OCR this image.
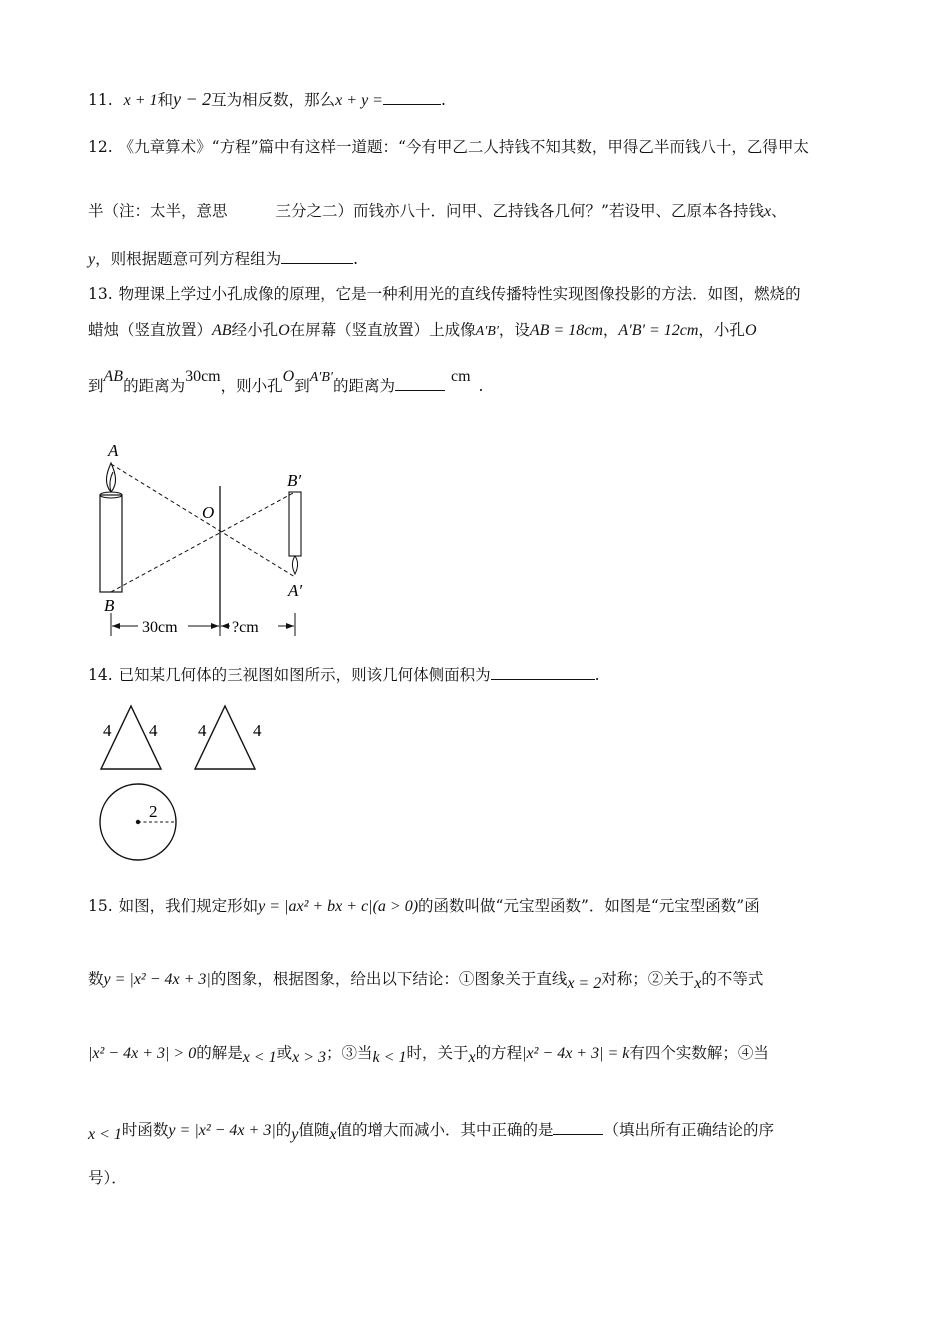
11. x + 1和y − 2互为相反数，那么x + y =	.
12. 《九章算术》“方程”篇中有这样一道题：“今有甲乙二人持钱不知其数，甲得乙半而钱八十，乙得甲太
半（注：太半，意思	三分之二）而钱亦八十．问甲、乙持钱各几何？”若设甲、乙原本各持钱x、
y，则根据题意可列方程组为	.
13. 物理课上学过小孔成像的原理，它是一种利用光的直线传播特性实现图像投影的方法．如图，燃烧的
蜡烛（竖直放置）AB经小孔O在屏幕（竖直放置）上成像A′B′，设AB = 18cm，A′B′ = 12cm，小孔O
到AB的距离为30cm，则小孔O到A′B′的距离为cm.
A
B
O
B′
A′
30cm	?cm
14. 已知某几何体的三视图如图所示，则该几何体侧面积为	.
4 4 4	4
2
15. 如图，我们规定形如y = |ax² + bx + c|(a > 0)的函数叫做“元宝型函数”．如图是“元宝型函数”函
数y = |x² − 4x + 3|的图象，根据图象，给出以下结论：①图象关于直线x = 2对称；②关于x的不等式
|x² − 4x + 3| > 0的解是x < 1或x > 3；③当k < 1时，关于x的方程|x² − 4x + 3| = k有四个实数解；④当
x < 1时函数y = |x² − 4x + 3|的y值随x值的增大而减小．其中正确的是	（填出所有正确结论的序
号）．
